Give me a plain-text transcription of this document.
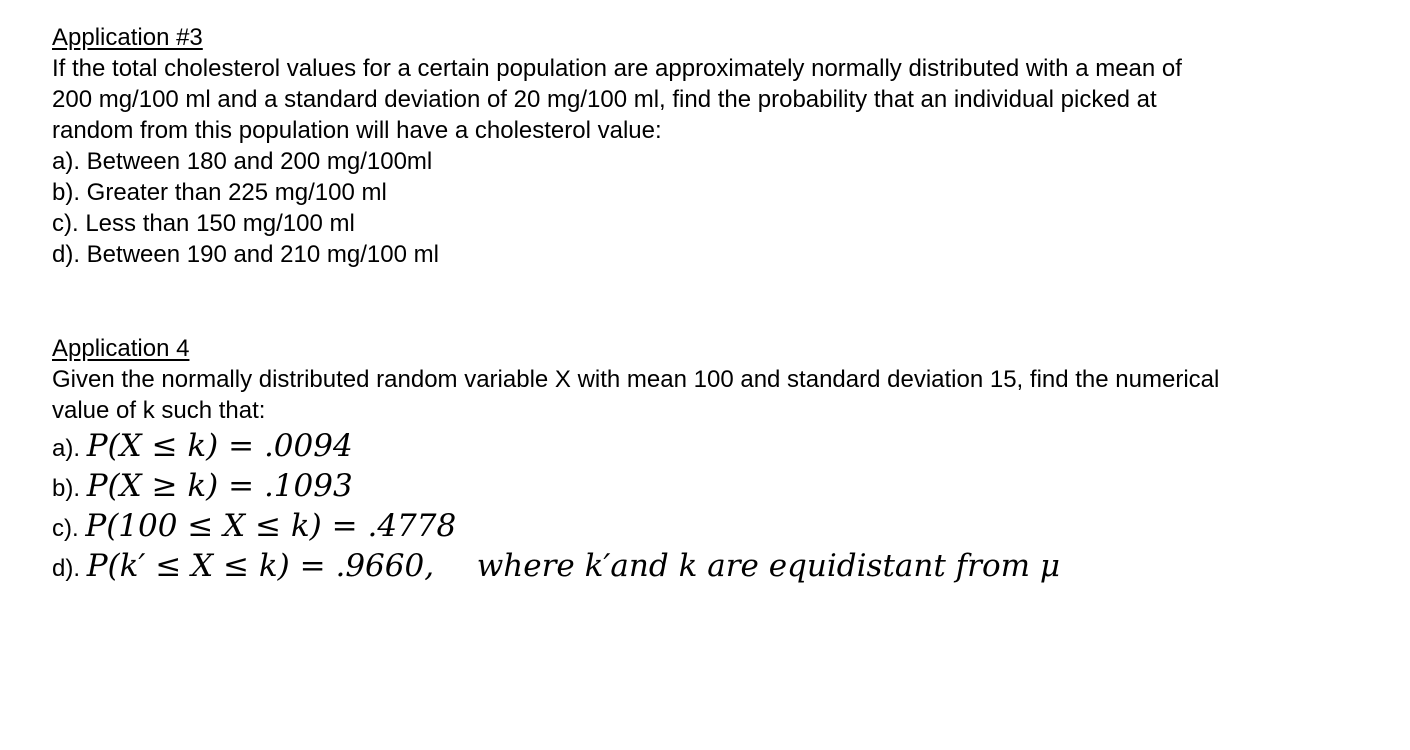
Application #3
If the total cholesterol values for a certain population are approximately normally distributed with a mean of
200 mg/100 ml and a standard deviation of 20 mg/100 ml, find the probability that an individual picked at
random from this population will have a cholesterol value:
a). Between 180 and 200 mg/100ml
b). Greater than 225 mg/100 ml
c). Less than 150 mg/100 ml
d). Between 190 and 210 mg/100 ml
Application 4
Given the normally distributed random variable X with mean 100 and standard deviation 15, find the numerical
value of k such that:
a). P(X ≤ k) = .0094
b). P(X ≥ k) = .1093
c). P(100 ≤ X ≤ k) = .4778
d). P(k′ ≤ X ≤ k) = .9660, where k′and k are equidistant from μ
